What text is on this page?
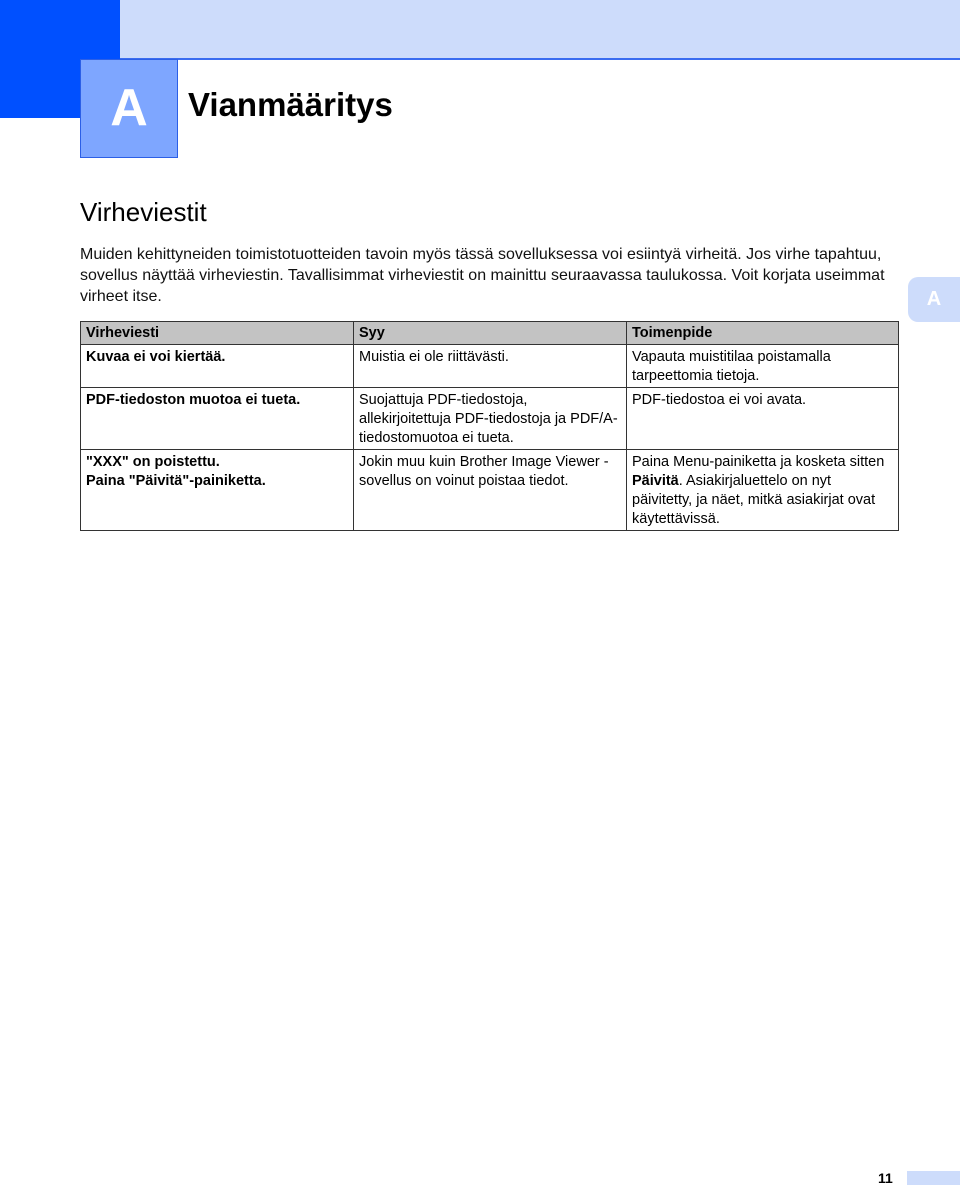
A	Vianmääritys
Virheviestit
Muiden kehittyneiden toimistotuotteiden tavoin myös tässä sovelluksessa voi esiintyä virheitä. Jos virhe tapahtuu, sovellus näyttää virheviestin. Tavallisimmat virheviestit on mainittu seuraavassa taulukossa. Voit korjata useimmat virheet itse.	A
Virheviesti	Syy	Toimenpide
Kuvaa ei voi kiertää.	Muistia ei ole riittävästi.	Vapauta muistitilaa poistamalla tarpeettomia tietoja.
PDF-tiedoston muotoa ei tueta.	Suojattuja PDF-tiedostoja, allekirjoitettuja PDF-tiedostoja ja PDF/A-tiedostomuotoa ei tueta.	PDF-tiedostoa ei voi avata.
"XXX" on poistettu.
Paina "Päivitä"-painiketta.	Jokin muu kuin Brother Image Viewer -sovellus on voinut poistaa tiedot.	Paina Menu-painiketta ja kosketa sitten Päivitä. Asiakirjaluettelo on nyt päivitetty, ja näet, mitkä asiakirjat ovat käytettävissä.
11
